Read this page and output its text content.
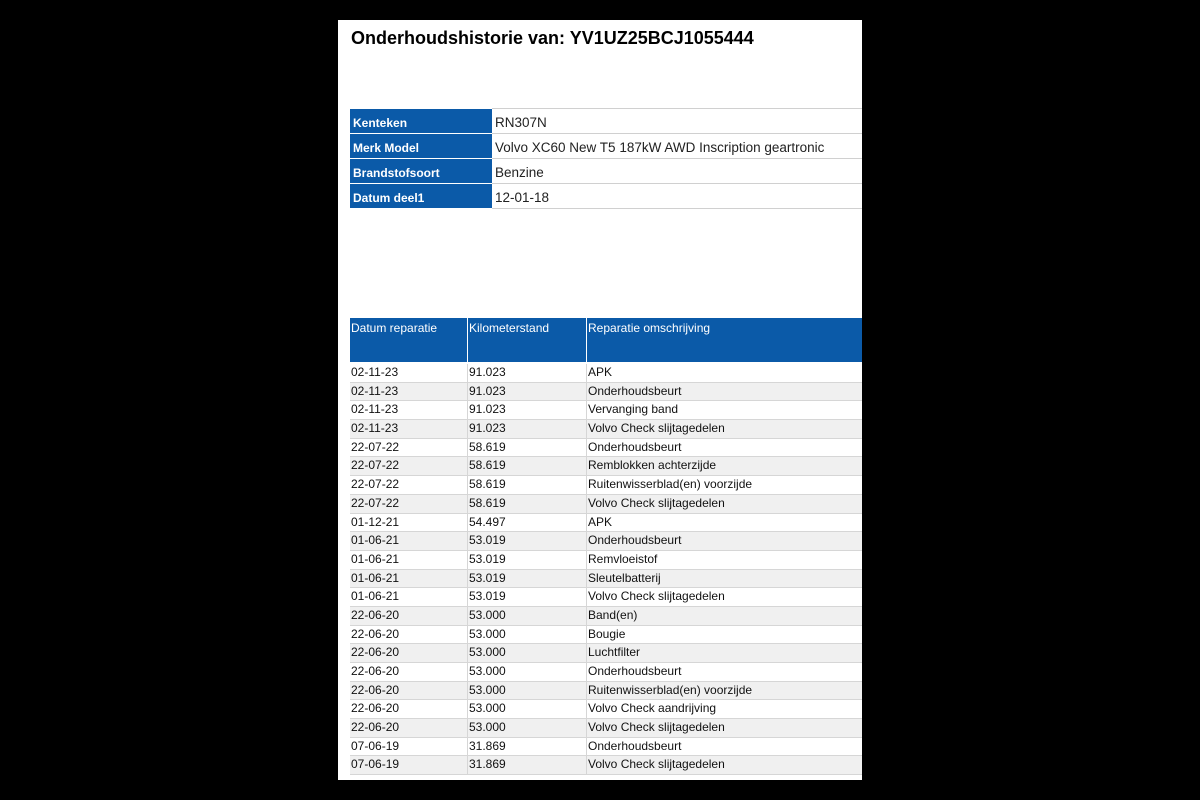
Onderhoudshistorie van: YV1UZ25BCJ1055444
Kenteken	RN307N
Merk Model	Volvo XC60 New T5 187kW AWD Inscription geartronic
Brandstofsoort	Benzine
Datum deel1	12-01-18
Datum reparatie	Kilometerstand	Reparatie omschrijving
02-11-23	91.023	APK
02-11-23	91.023	Onderhoudsbeurt
02-11-23	91.023	Vervanging band
02-11-23	91.023	Volvo Check slijtagedelen
22-07-22	58.619	Onderhoudsbeurt
22-07-22	58.619	Remblokken achterzijde
22-07-22	58.619	Ruitenwisserblad(en) voorzijde
22-07-22	58.619	Volvo Check slijtagedelen
01-12-21	54.497	APK
01-06-21	53.019	Onderhoudsbeurt
01-06-21	53.019	Remvloeistof
01-06-21	53.019	Sleutelbatterij
01-06-21	53.019	Volvo Check slijtagedelen
22-06-20	53.000	Band(en)
22-06-20	53.000	Bougie
22-06-20	53.000	Luchtfilter
22-06-20	53.000	Onderhoudsbeurt
22-06-20	53.000	Ruitenwisserblad(en) voorzijde
22-06-20	53.000	Volvo Check aandrijving
22-06-20	53.000	Volvo Check slijtagedelen
07-06-19	31.869	Onderhoudsbeurt
07-06-19	31.869	Volvo Check slijtagedelen
